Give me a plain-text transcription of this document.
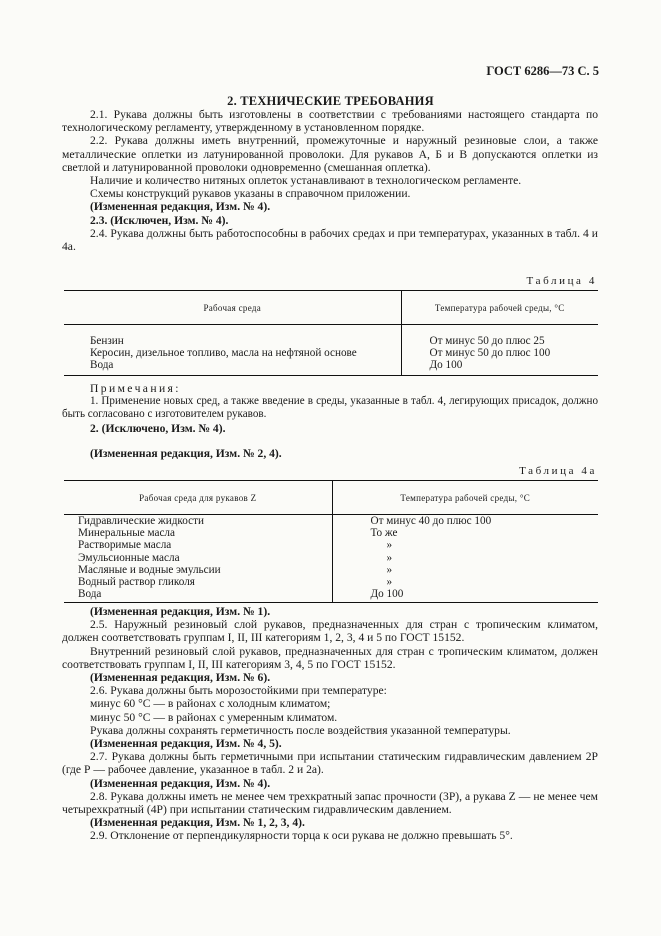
ГОСТ 6286—73 С. 5
2. ТЕХНИЧЕСКИЕ ТРЕБОВАНИЯ

2.1. Рукава должны быть изготовлены в соответствии с требованиями настоящего стандарта по технологическому регламенту, утвержденному в установленном порядке.

2.2. Рукава должны иметь внутренний, промежуточные и наружный резиновые слои, а также металлические оплетки из латунированной проволоки. Для рукавов А, Б и В допускаются оплетки из светлой и латунированной проволоки одновременно (смешанная оплетка).

Наличие и количество нитяных оплеток устанавливают в технологическом регламенте.

Схемы конструкций рукавов указаны в справочном приложении.

(Измененная редакция, Изм. № 4).

2.3. (Исключен, Изм. № 4).

2.4. Рукава должны быть работоспособны в рабочих средах и при температурах, указанных в табл. 4 и 4а.

Таблица 4
Рабочая среда	Температура рабочей среды, °С

Бензин	От минус 50 до плюс 25
Керосин, дизельное топливо, масла на нефтяной основе	От минус 50 до плюс 100
Вода	До 100

Примечания:

1. Применение новых сред, а также введение в среды, указанные в табл. 4, легирующих присадок, должно быть согласовано с изготовителем рукавов.

2. (Исключено, Изм. № 4).

(Измененная редакция, Изм. № 2, 4).

Таблица 4а
Рабочая среда для рукавов Z	Температура рабочей среды, °С
Гидравлические жидкости	От минус 40 до плюс 100
Минеральные масла	То же
Растворимые масла	»
Эмульсионные масла	»
Масляные и водные эмульсии	»
Водный раствор гликоля	»
Вода	До 100

(Измененная редакция, Изм. № 1).

2.5. Наружный резиновый слой рукавов, предназначенных для стран с тропическим климатом, должен соответствовать группам I, II, III категориям 1, 2, 3, 4 и 5 по ГОСТ 15152.

Внутренний резиновый слой рукавов, предназначенных для стран с тропическим климатом, должен соответствовать группам I, II, III категориям 3, 4, 5 по ГОСТ 15152.

(Измененная редакция, Изм. № 6).

2.6. Рукава должны быть морозостойкими при температуре:

минус 60 °С — в районах с холодным климатом;

минус 50 °С — в районах с умеренным климатом.

Рукава должны сохранять герметичность после воздействия указанной температуры.

(Измененная редакция, Изм. № 4, 5).

2.7. Рукава должны быть герметичными при испытании статическим гидравлическим давлением 2Р (где Р — рабочее давление, указанное в табл. 2 и 2а).

(Измененная редакция, Изм. № 4).

2.8. Рукава должны иметь не менее чем трехкратный запас прочности (3Р), а рукава Z — не менее чем четырехкратный (4Р) при испытании статическим гидравлическим давлением.

(Измененная редакция, Изм. № 1, 2, 3, 4).

2.9. Отклонение от перпендикулярности торца к оси рукава не должно превышать 5°.
